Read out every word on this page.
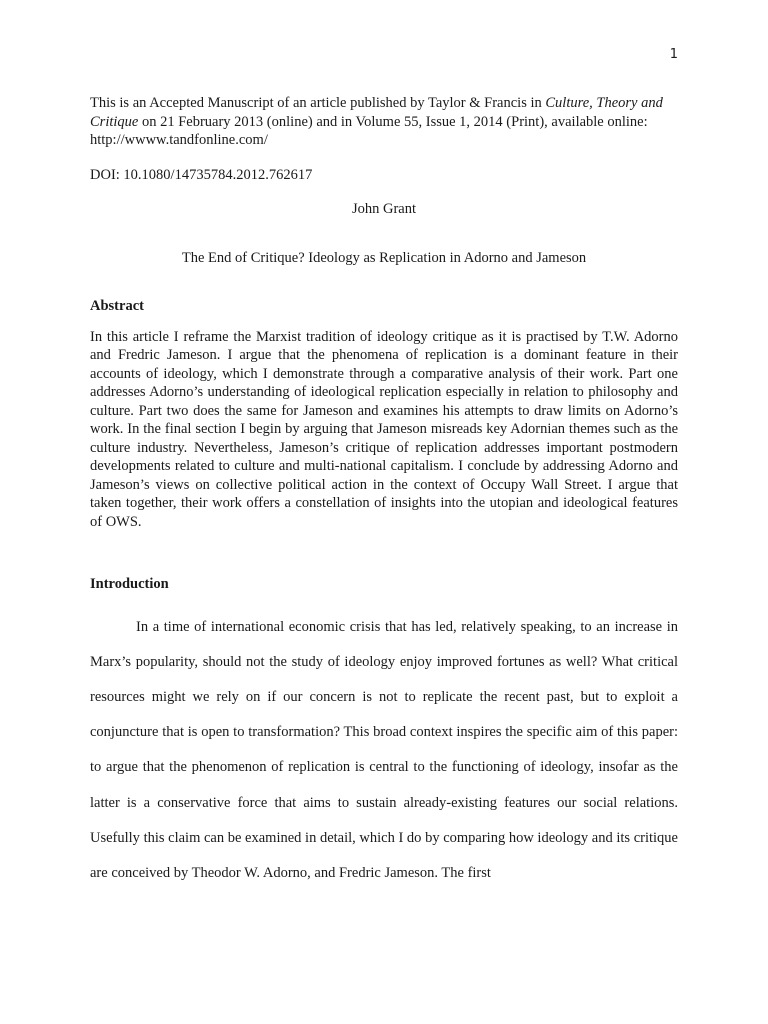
1

This is an Accepted Manuscript of an article published by Taylor & Francis in Culture, Theory and Critique on 21 February 2013 (online) and in Volume 55, Issue 1, 2014 (Print), available online: http://wwww.tandfonline.com/

DOI: 10.1080/14735784.2012.762617

John Grant

The End of Critique? Ideology as Replication in Adorno and Jameson

Abstract

In this article I reframe the Marxist tradition of ideology critique as it is practised by T.W. Adorno and Fredric Jameson. I argue that the phenomena of replication is a dominant feature in their accounts of ideology, which I demonstrate through a comparative analysis of their work. Part one addresses Adorno’s understanding of ideological replication especially in relation to philosophy and culture. Part two does the same for Jameson and examines his attempts to draw limits on Adorno’s work. In the final section I begin by arguing that Jameson misreads key Adornian themes such as the culture industry. Nevertheless, Jameson’s critique of replication addresses important postmodern developments related to culture and multi-national capitalism. I conclude by addressing Adorno and Jameson’s views on collective political action in the context of Occupy Wall Street. I argue that taken together, their work offers a constellation of insights into the utopian and ideological features of OWS.

Introduction

In a time of international economic crisis that has led, relatively speaking, to an increase in Marx’s popularity, should not the study of ideology enjoy improved fortunes as well? What critical resources might we rely on if our concern is not to replicate the recent past, but to exploit a conjuncture that is open to transformation? This broad context inspires the specific aim of this paper: to argue that the phenomenon of replication is central to the functioning of ideology, insofar as the latter is a conservative force that aims to sustain already-existing features our social relations. Usefully this claim can be examined in detail, which I do by comparing how ideology and its critique are conceived by Theodor W. Adorno, and Fredric Jameson. The first
